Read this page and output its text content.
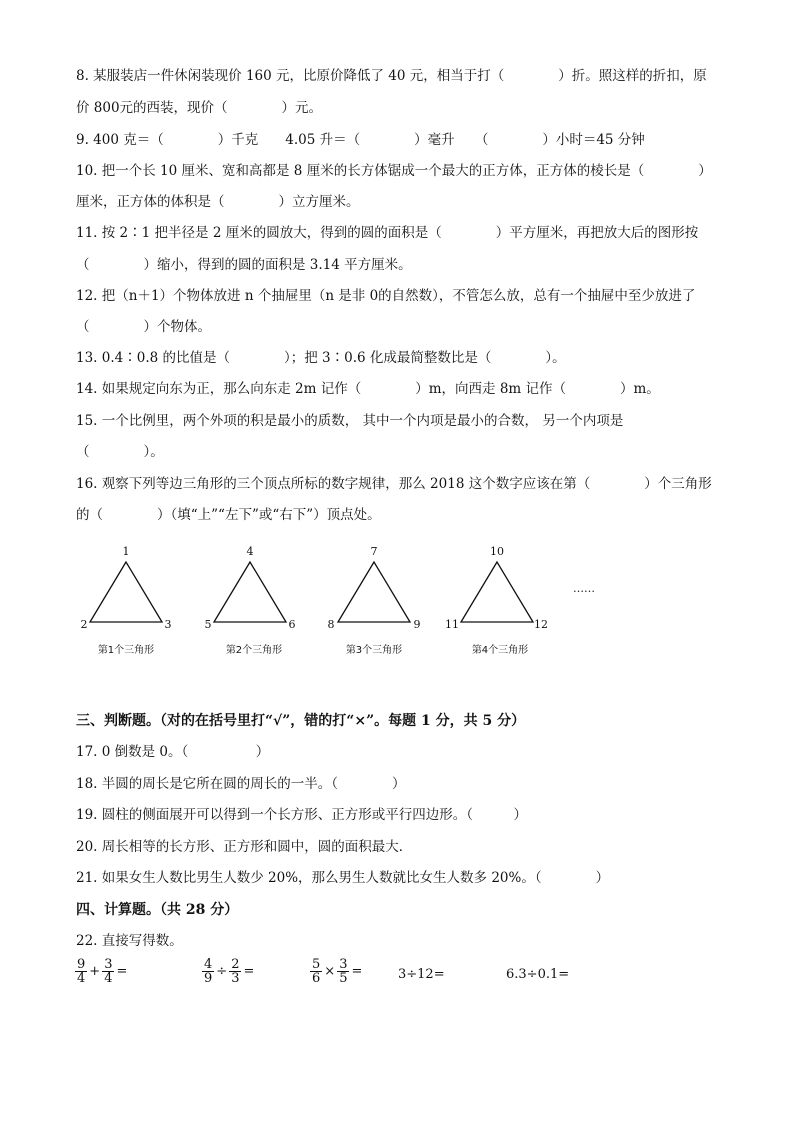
8. 某服装店一件休闲装现价 160 元，比原价降低了 40 元，相当于打（　　　　）折。照这样的折扣，原
价 800元的西装，现价（　　　　）元。
9. 400 克＝（　　　　）千克　　4.05 升＝（　　　　）毫升　　（　　　　）小时＝45 分钟
10. 把一个长 10 厘米、宽和高都是 8 厘米的长方体锯成一个最大的正方体，正方体的棱长是（　　　　）
厘米，正方体的体积是（　　　　）立方厘米。
11. 按 2∶1 把半径是 2 厘米的圆放大，得到的圆的面积是（　　　　）平方厘米，再把放大后的图形按
（　　　　）缩小，得到的圆的面积是 3.14 平方厘米。
12. 把（n＋1）个物体放进 n 个抽屉里（n 是非 0的自然数），不管怎么放，总有一个抽屉中至少放进了
（　　　　）个物体。
13. 0.4∶0.8 的比值是（　　　　）；把 3∶0.6 化成最简整数比是（　　　　）。
14. 如果规定向东为正，那么向东走 2m 记作（　　　　）m，向西走 8m 记作（　　　　）m。
15. 一个比例里，两个外项的积是最小的质数， 其中一个内项是最小的合数， 另一个内项是
（　　　　）。
16. 观察下列等边三角形的三个顶点所标的数字规律，那么 2018 这个数字应该在第（　　　　）个三角形
的（　　　　）（填“上”“左下”或“右下”）顶点处。
1
2	3
第1个三角形
4
5	6
第2个三角形
7
8	9
第3个三角形
10
11	12
第4个三角形
……
三、判断题。（对的在括号里打“√”，错的打“×”。每题 1 分，共 5 分）
17. 0 倒数是 0。（　　　　　）
18. 半圆的周长是它所在圆的周长的一半。（　　　　）
19. 圆柱的侧面展开可以得到一个长方形、正方形或平行四边形。（　　　）
20. 周长相等的长方形、正方形和圆中，圆的面积最大．
21. 如果女生人数比男生人数少 20%，那么男生人数就比女生人数多 20%。（　　　　）
四、计算题。（共 28 分）
22. 直接写得数。
$\frac{9}{4} + \frac{3}{4}$ =	$\frac{4}{9} \div \frac{2}{3}$ =	$\frac{5}{6} \times \frac{3}{5}$ =	3÷12=	6.3÷0.1=
